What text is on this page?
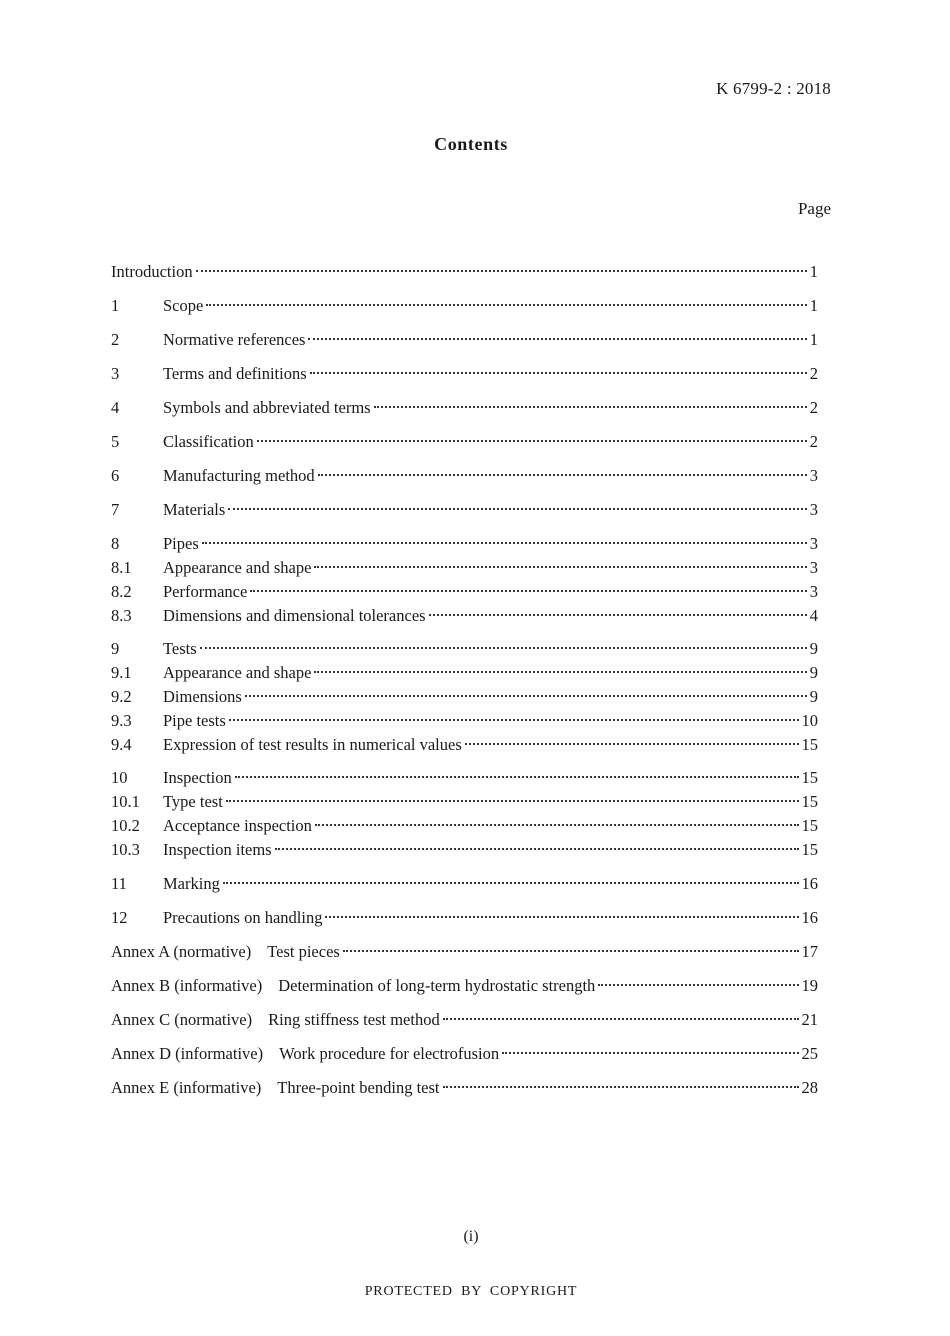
K 6799-2 : 2018
Contents
Page
Introduction	1
1	Scope	1
2	Normative references	1
3	Terms and definitions	2
4	Symbols and abbreviated terms	2
5	Classification	2
6	Manufacturing method	3
7	Materials	3
8	Pipes	3
8.1	Appearance and shape	3
8.2	Performance	3
8.3	Dimensions and dimensional tolerances	4
9	Tests	9
9.1	Appearance and shape	9
9.2	Dimensions	9
9.3	Pipe tests	10
9.4	Expression of test results in numerical values	15
10	Inspection	15
10.1	Type test	15
10.2	Acceptance inspection	15
10.3	Inspection items	15
11	Marking	16
12	Precautions on handling	16
Annex A (normative) Test pieces	17
Annex B (informative) Determination of long-term hydrostatic strength	19
Annex C (normative) Ring stiffness test method	21
Annex D (informative) Work procedure for electrofusion	25
Annex E (informative) Three-point bending test	28
(i)
PROTECTED BY COPYRIGHT
